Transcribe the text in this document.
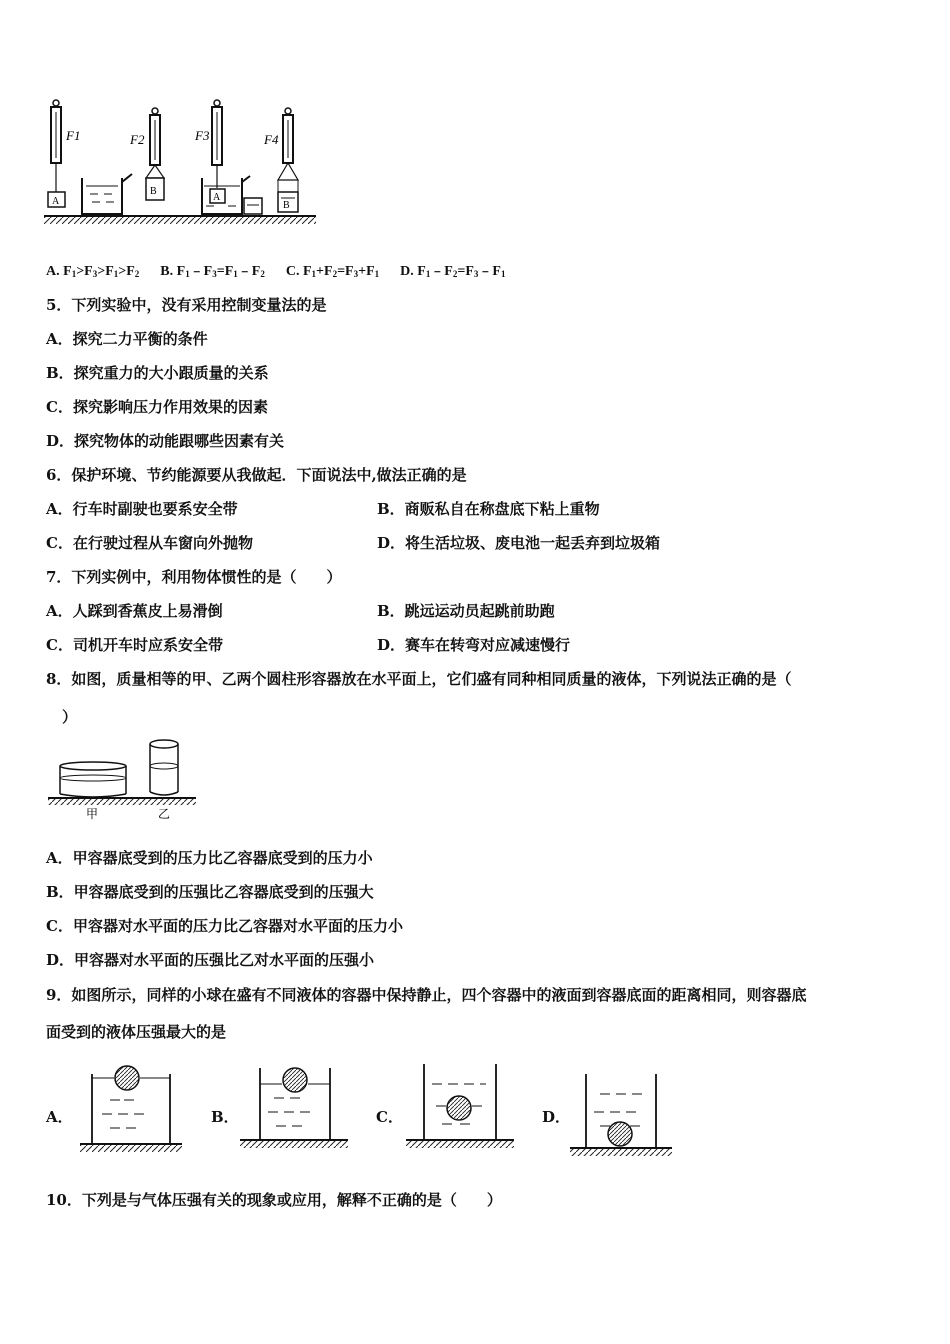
F1	F2	F3	F4
A
B
A
B
A. $F_1>F_3>F_1>F_2$ B. $F_1﹣F_3=F_1﹣F_2$ C. $F_1+F_2=F_3+F_1$ D. $F_1﹣F_2=F_3﹣F_1$
5．下列实验中，没有采用控制变量法的是
A．探究二力平衡的条件
B．探究重力的大小跟质量的关系
C．探究影响压力作用效果的因素
D．探究物体的动能跟哪些因素有关
6．保护环境、节约能源要从我做起．下面说法中,做法正确的是
A．行车时副驶也要系安全带	B．商贩私自在称盘底下粘上重物
C．在行驶过程从车窗向外抛物	D．将生活垃圾、废电池一起丢弃到垃圾箱
7．下列实例中，利用物体惯性的是（　　）
A．人踩到香蕉皮上易滑倒	B．跳远运动员起跳前助跑
C．司机开车时应系安全带	D．赛车在转弯对应减速慢行
8．如图，质量相等的甲、乙两个圆柱形容器放在水平面上，它们盛有同种相同质量的液体，下列说法正确的是（
）
甲	乙
A．甲容器底受到的压力比乙容器底受到的压力小
B．甲容器底受到的压强比乙容器底受到的压强大
C．甲容器对水平面的压力比乙容器对水平面的压力小
D．甲容器对水平面的压强比乙对水平面的压强小
9．如图所示，同样的小球在盛有不同液体的容器中保持静止，四个容器中的液面到容器底面的距离相同，则容器底
面受到的液体压强最大的是
A．	B．	C．	D．
10．下列是与气体压强有关的现象或应用，解释不正确的是（　　）
